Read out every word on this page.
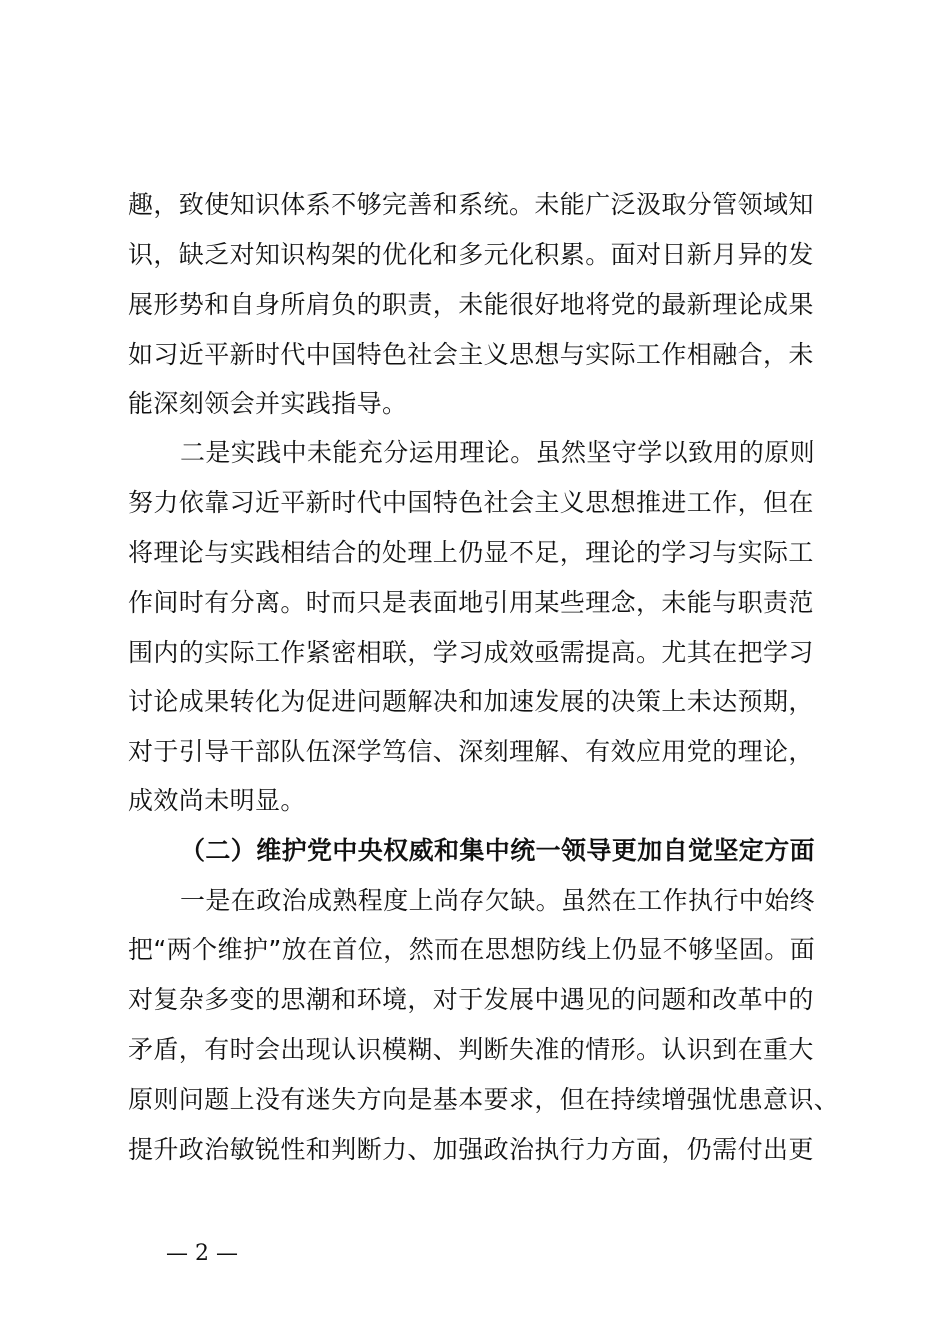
趣，致使知识体系不够完善和系统。未能广泛汲取分管领域知
识，缺乏对知识构架的优化和多元化积累。面对日新月异的发
展形势和自身所肩负的职责，未能很好地将党的最新理论成果
如习近平新时代中国特色社会主义思想与实际工作相融合，未
能深刻领会并实践指导。
二是实践中未能充分运用理论。虽然坚守学以致用的原则
努力依靠习近平新时代中国特色社会主义思想推进工作，但在
将理论与实践相结合的处理上仍显不足，理论的学习与实际工
作间时有分离。时而只是表面地引用某些理念，未能与职责范
围内的实际工作紧密相联，学习成效亟需提高。尤其在把学习
讨论成果转化为促进问题解决和加速发展的决策上未达预期，
对于引导干部队伍深学笃信、深刻理解、有效应用党的理论，
成效尚未明显。
（二）维护党中央权威和集中统一领导更加自觉坚定方面
一是在政治成熟程度上尚存欠缺。虽然在工作执行中始终
把“两个维护”放在首位，然而在思想防线上仍显不够坚固。面
对复杂多变的思潮和环境，对于发展中遇见的问题和改革中的
矛盾，有时会出现认识模糊、判断失准的情形。认识到在重大
原则问题上没有迷失方向是基本要求，但在持续增强忧患意识、
提升政治敏锐性和判断力、加强政治执行力方面，仍需付出更
— 2 —
